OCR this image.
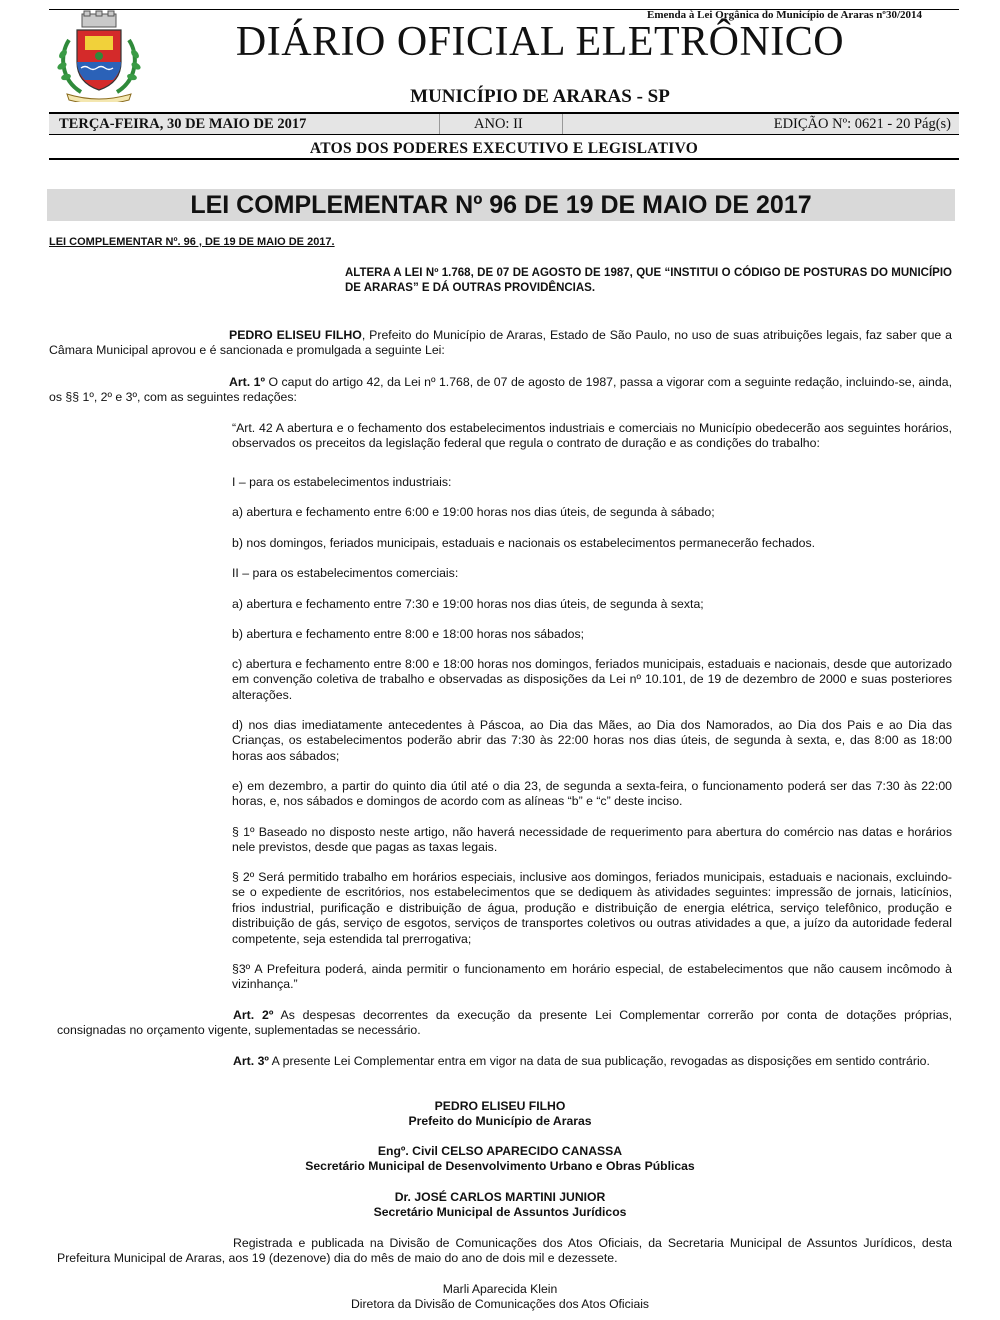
Emenda à Lei Orgânica do Município de Araras nº30/2014
DIÁRIO OFICIAL ELETRÔNICO
MUNICÍPIO DE ARARAS - SP
TERÇA-FEIRA, 30 DE MAIO DE 2017	ANO: II	EDIÇÃO Nº: 0621 - 20 Pág(s)
ATOS DOS PODERES EXECUTIVO E LEGISLATIVO
LEI COMPLEMENTAR Nº 96 DE 19 DE MAIO DE 2017
LEI COMPLEMENTAR Nº. 96 , DE 19 DE MAIO DE 2017.
ALTERA A LEI Nº 1.768, DE 07 DE AGOSTO DE 1987, QUE “INSTITUI O CÓDIGO DE POSTURAS DO MUNICÍPIO DE ARARAS” E DÁ OUTRAS PROVIDÊNCIAS.
PEDRO ELISEU FILHO, Prefeito do Município de Araras, Estado de São Paulo, no uso de suas atribuições legais, faz saber que a Câmara Municipal aprovou e é sancionada e promulgada a seguinte Lei:
Art. 1º O caput do artigo 42, da Lei nº 1.768, de 07 de agosto de 1987, passa a vigorar com a seguinte redação, incluindo-se, ainda, os §§ 1º, 2º e 3º, com as seguintes redações:
“Art. 42 A abertura e o fechamento dos estabelecimentos industriais e comerciais no Município obedecerão aos seguintes horários, observados os preceitos da legislação federal que regula o contrato de duração e as condições do trabalho:
I – para os estabelecimentos industriais:
a) abertura e fechamento entre 6:00 e 19:00 horas nos dias úteis, de segunda à sábado;
b) nos domingos, feriados municipais, estaduais e nacionais os estabelecimentos permanecerão fechados.
II – para os estabelecimentos comerciais:
a) abertura e fechamento entre 7:30 e 19:00 horas nos dias úteis, de segunda à sexta;
b) abertura e fechamento entre 8:00 e 18:00 horas nos sábados;
c) abertura e fechamento entre 8:00 e 18:00 horas nos domingos, feriados municipais, estaduais e nacionais, desde que autorizado em convenção coletiva de trabalho e observadas as disposições da Lei nº 10.101, de 19 de dezembro de 2000 e suas posteriores alterações.
d) nos dias imediatamente antecedentes à Páscoa, ao Dia das Mães, ao Dia dos Namorados, ao Dia dos Pais e ao Dia das Crianças, os estabelecimentos poderão abrir das 7:30 às 22:00 horas nos dias úteis, de segunda à sexta, e, das 8:00 as 18:00 horas aos sábados;
e) em dezembro, a partir do quinto dia útil até o dia 23, de segunda a sexta-feira, o funcionamento poderá ser das 7:30 às 22:00 horas, e, nos sábados e domingos de acordo com as alíneas “b” e “c” deste inciso.
§ 1º Baseado no disposto neste artigo, não haverá necessidade de requerimento para abertura do comércio nas datas e horários nele previstos, desde que pagas as taxas legais.
§ 2º Será permitido trabalho em horários especiais, inclusive aos domingos, feriados municipais, estaduais e nacionais, excluindo-se o expediente de escritórios, nos estabelecimentos que se dediquem às atividades seguintes: impressão de jornais, laticínios, frios industrial, purificação e distribuição de água, produção e distribuição de energia elétrica, serviço telefônico, produção e distribuição de gás, serviço de esgotos, serviços de transportes coletivos ou outras atividades a que, a juízo da autoridade federal competente, seja estendida tal prerrogativa;
§3º A Prefeitura poderá, ainda permitir o funcionamento em horário especial, de estabelecimentos que não causem incômodo à vizinhança.”
Art. 2º As despesas decorrentes da execução da presente Lei Complementar correrão por conta de dotações próprias, consignadas no orçamento vigente, suplementadas se necessário.
Art. 3º A presente Lei Complementar entra em vigor na data de sua publicação, revogadas as disposições em sentido contrário.
PEDRO ELISEU FILHO
Prefeito do Município de Araras
Engº. Civil CELSO APARECIDO CANASSA
Secretário Municipal de Desenvolvimento Urbano e Obras Públicas
Dr. JOSÉ CARLOS MARTINI JUNIOR
Secretário Municipal de Assuntos Jurídicos
Registrada e publicada na Divisão de Comunicações dos Atos Oficiais, da Secretaria Municipal de Assuntos Jurídicos, desta Prefeitura Municipal de Araras, aos 19 (dezenove) dia do mês de maio do ano de dois mil e dezessete.
Marli Aparecida Klein
Diretora da Divisão de Comunicações dos Atos Oficiais
